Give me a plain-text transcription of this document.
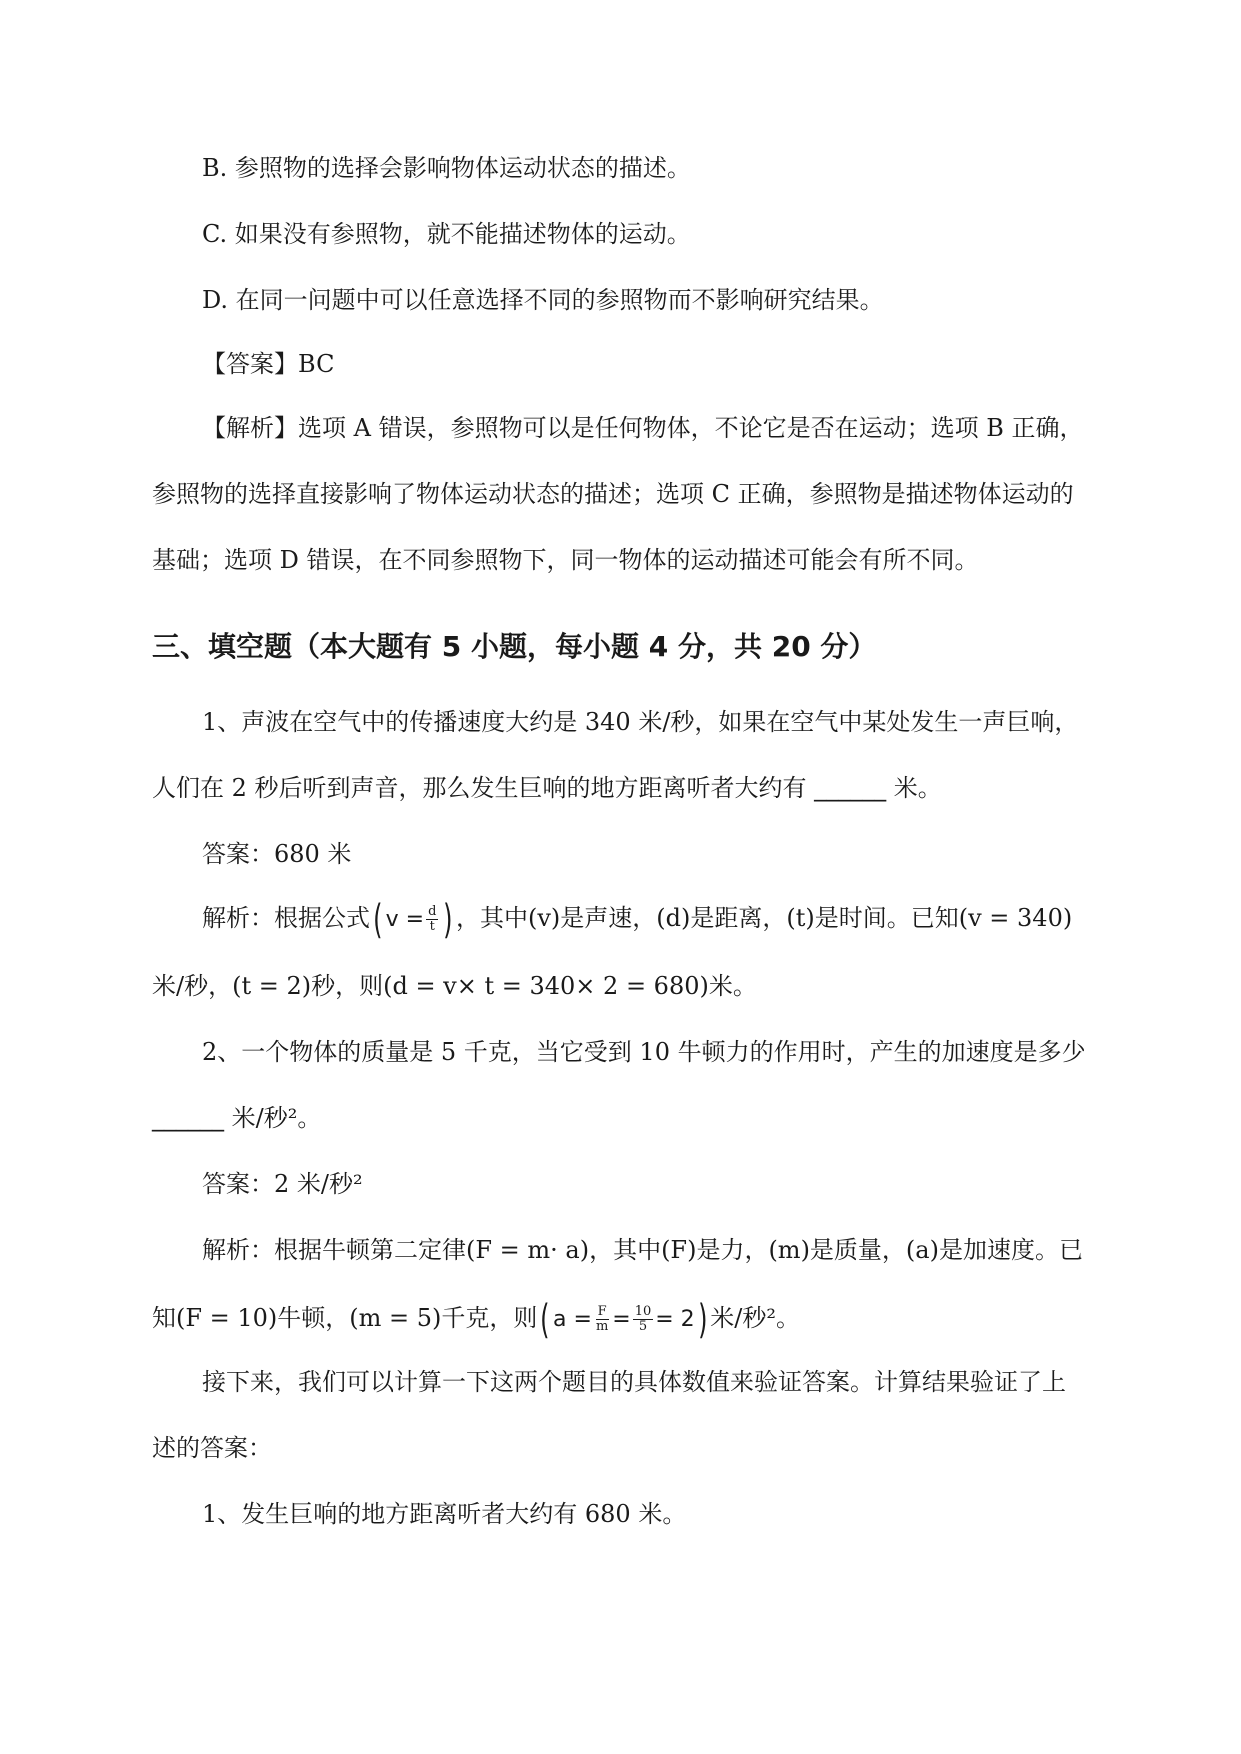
B. 参照物的选择会影响物体运动状态的描述。
C. 如果没有参照物，就不能描述物体的运动。
D. 在同一问题中可以任意选择不同的参照物而不影响研究结果。
【答案】BC
【解析】选项 A 错误，参照物可以是任何物体，不论它是否在运动；选项 B 正确，
参照物的选择直接影响了物体运动状态的描述；选项 C 正确，参照物是描述物体运动的
基础；选项 D 错误，在不同参照物下，同一物体的运动描述可能会有所不同。
三、填空题（本大题有 5 小题，每小题 4 分，共 20 分）
1、声波在空气中的传播速度大约是 340 米/秒，如果在空气中某处发生一声巨响，
人们在 2 秒后听到声音，那么发生巨响的地方距离听者大约有 ______ 米。
答案：680 米
解析：根据公式( $v = \frac{d}{t}$ ) ，其中(v)是声速，(d)是距离，(t)是时间。已知(v = 340)
米/秒，(t = 2)秒，则(d = v× t = 340× 2 = 680)米。
2、一个物体的质量是 5 千克，当它受到 10 牛顿力的作用时，产生的加速度是多少
______ 米/秒²。
答案：2 米/秒²
解析：根据牛顿第二定律(F = m· a)，其中(F)是力，(m)是质量，(a)是加速度。已
知(F = 10)牛顿，(m = 5)千克，则( $a = \frac{F}{m} = \frac{10}{5} = 2$) 米/秒²。
接下来，我们可以计算一下这两个题目的具体数值来验证答案。计算结果验证了上
述的答案：
1、发生巨响的地方距离听者大约有 680 米。
